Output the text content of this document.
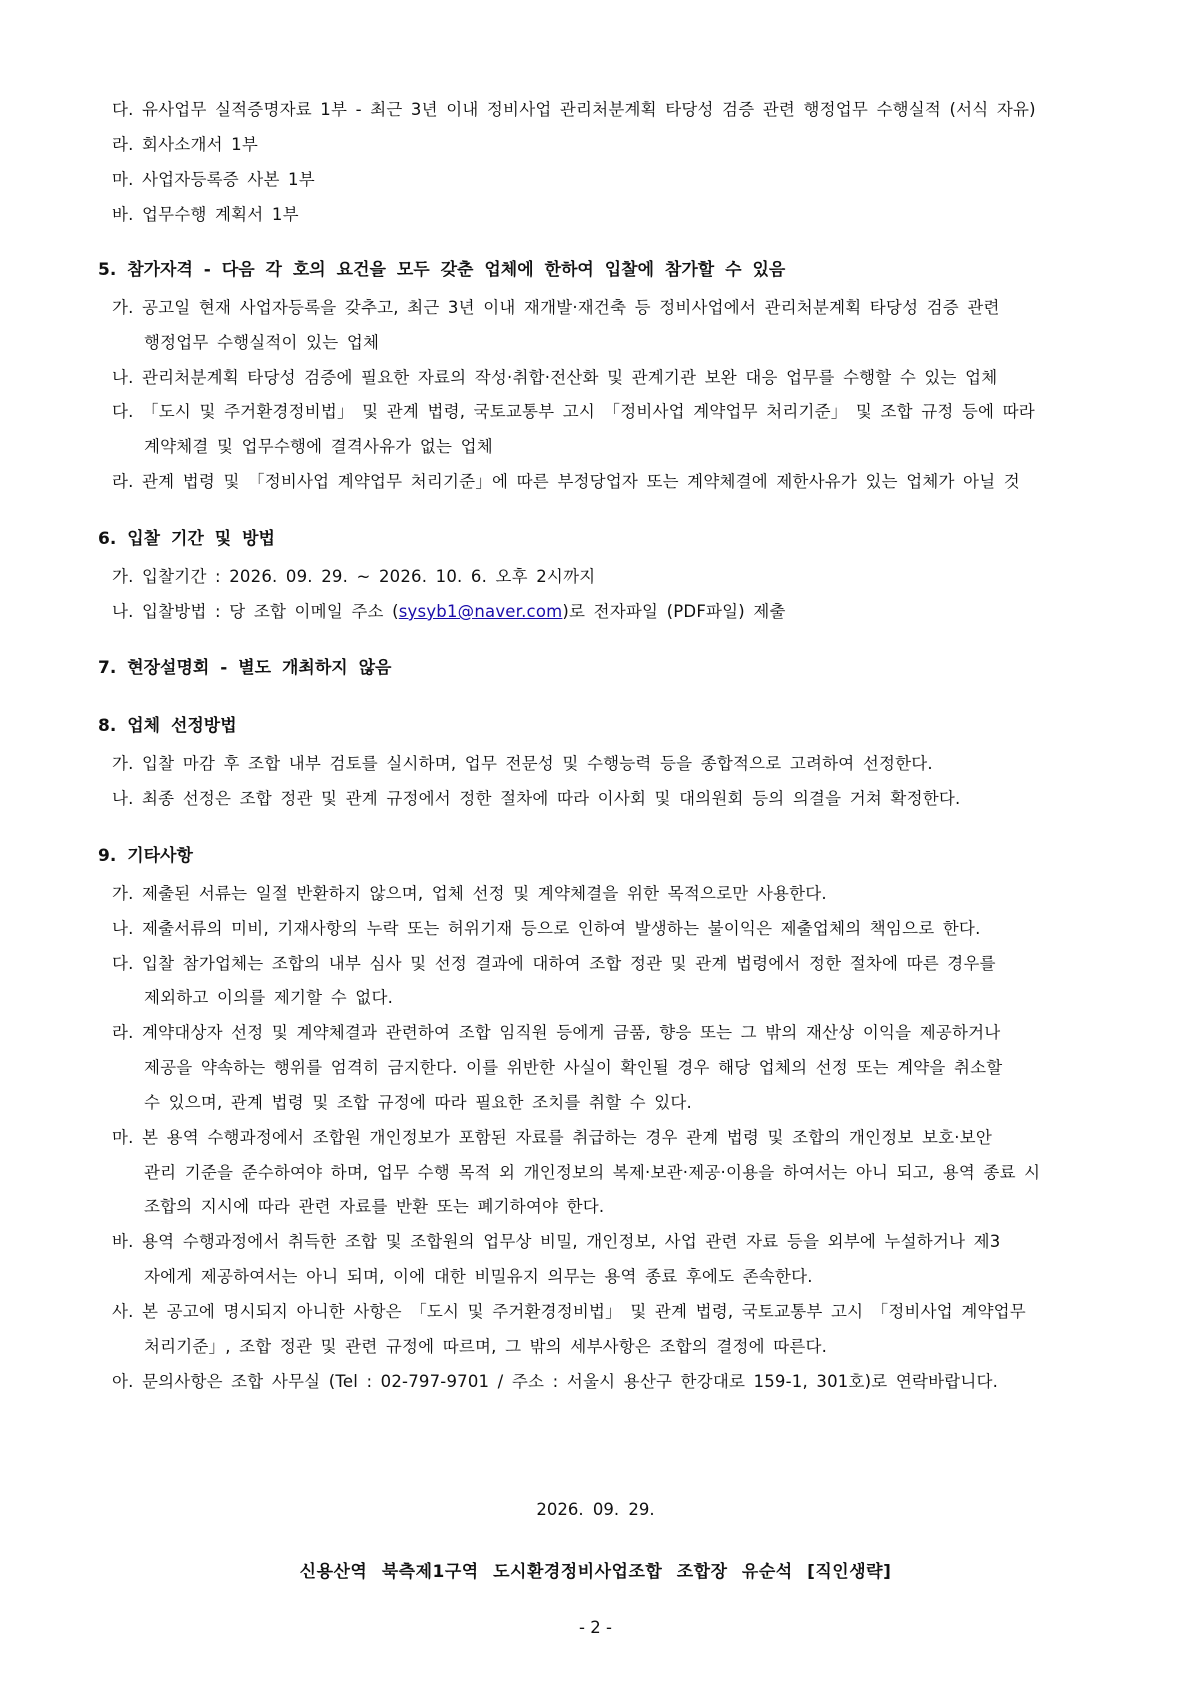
다. 유사업무 실적증명자료 1부 - 최근 3년 이내 정비사업 관리처분계획 타당성 검증 관련 행정업무 수행실적 (서식 자유)
라. 회사소개서 1부
마. 사업자등록증 사본 1부
바. 업무수행 계획서 1부
5. 참가자격 - 다음 각 호의 요건을 모두 갖춘 업체에 한하여 입찰에 참가할 수 있음
가. 공고일 현재 사업자등록을 갖추고, 최근 3년 이내 재개발·재건축 등 정비사업에서 관리처분계획 타당성 검증 관련
행정업무 수행실적이 있는 업체
나. 관리처분계획 타당성 검증에 필요한 자료의 작성·취합·전산화 및 관계기관 보완 대응 업무를 수행할 수 있는 업체
다. 「도시 및 주거환경정비법」 및 관계 법령, 국토교통부 고시 「정비사업 계약업무 처리기준」 및 조합 규정 등에 따라
계약체결 및 업무수행에 결격사유가 없는 업체
라. 관계 법령 및 「정비사업 계약업무 처리기준」에 따른 부정당업자 또는 계약체결에 제한사유가 있는 업체가 아닐 것
6. 입찰 기간 및 방법
가. 입찰기간 : 2026. 09. 29. ~ 2026. 10. 6. 오후 2시까지
나. 입찰방법 : 당 조합 이메일 주소 (sysyb1@naver.com)로 전자파일 (PDF파일) 제출
7. 현장설명회 - 별도 개최하지 않음
8. 업체 선정방법
가. 입찰 마감 후 조합 내부 검토를 실시하며, 업무 전문성 및 수행능력 등을 종합적으로 고려하여 선정한다.
나. 최종 선정은 조합 정관 및 관계 규정에서 정한 절차에 따라 이사회 및 대의원회 등의 의결을 거쳐 확정한다.
9. 기타사항
가. 제출된 서류는 일절 반환하지 않으며, 업체 선정 및 계약체결을 위한 목적으로만 사용한다.
나. 제출서류의 미비, 기재사항의 누락 또는 허위기재 등으로 인하여 발생하는 불이익은 제출업체의 책임으로 한다.
다. 입찰 참가업체는 조합의 내부 심사 및 선정 결과에 대하여 조합 정관 및 관계 법령에서 정한 절차에 따른 경우를
제외하고 이의를 제기할 수 없다.
라. 계약대상자 선정 및 계약체결과 관련하여 조합 임직원 등에게 금품, 향응 또는 그 밖의 재산상 이익을 제공하거나
제공을 약속하는 행위를 엄격히 금지한다. 이를 위반한 사실이 확인될 경우 해당 업체의 선정 또는 계약을 취소할
수 있으며, 관계 법령 및 조합 규정에 따라 필요한 조치를 취할 수 있다.
마. 본 용역 수행과정에서 조합원 개인정보가 포함된 자료를 취급하는 경우 관계 법령 및 조합의 개인정보 보호·보안
관리 기준을 준수하여야 하며, 업무 수행 목적 외 개인정보의 복제·보관·제공·이용을 하여서는 아니 되고, 용역 종료 시
조합의 지시에 따라 관련 자료를 반환 또는 폐기하여야 한다.
바. 용역 수행과정에서 취득한 조합 및 조합원의 업무상 비밀, 개인정보, 사업 관련 자료 등을 외부에 누설하거나 제3
자에게 제공하여서는 아니 되며, 이에 대한 비밀유지 의무는 용역 종료 후에도 존속한다.
사. 본 공고에 명시되지 아니한 사항은 「도시 및 주거환경정비법」 및 관계 법령, 국토교통부 고시 「정비사업 계약업무
처리기준」, 조합 정관 및 관련 규정에 따르며, 그 밖의 세부사항은 조합의 결정에 따른다.
아. 문의사항은 조합 사무실 (Tel : 02-797-9701 / 주소 : 서울시 용산구 한강대로 159-1, 301호)로 연락바랍니다.
2026. 09. 29.
신용산역 북측제1구역 도시환경정비사업조합 조합장 유순석 [직인생략]
- 2 -
